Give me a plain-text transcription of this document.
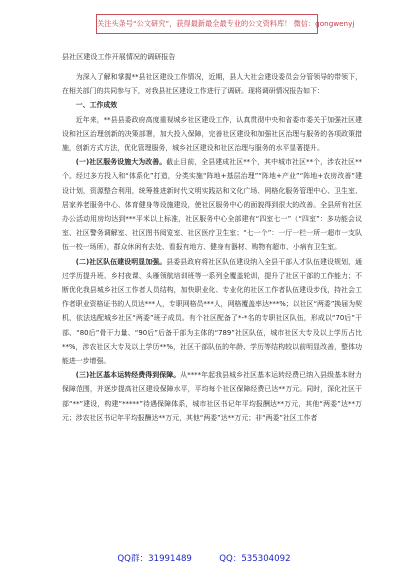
关注头条号“公文研究”，获得最新最全最专业的公文资料库！ 微信：gongwenyj

县社区建设工作开展情况的调研报告

为深入了解和掌握**县社区建设工作情况，近期，县人大社会建设委员会分管领导的带领下，在相关部门的共同参与下，对我县社区建设工作进行了调研。现将调研情况报告如下：

一、工作成效

近年来，**县县委政府高度重视城乡社区建设工作，认真贯彻中央和省委市委关于加强社区建设和社区治理创新的决策部署，加大投入保障，完善社区建设和加强社区治理与服务的各项政策措施，创新方式方法，优化管理服务，城乡社区建设和社区治理与服务的水平显著提升。

(一)社区服务设施大为改善。截止目前，全县建成社区**个，其中城市社区**个，涉农社区**个。经过多方投入和“体系化”打造，分类实施“阵地+基层治理”“阵地+产业”“阵地+农房改善”建设计划，资源整合利用，统筹推进新时代文明实践站和文化广场、网格化服务管理中心、卫生室、居家养老服务中心、体育健身等设施建设，使社区服务中心的面貌得到很大的改善。全县所有社区办公活动用房均达到***平米以上标准，社区服务中心全部建有“四室七一”（“四室”：多功能会议室、社区警务调解室、社区图书阅览室、社区医疗卫生室；“七一个”：一厅一栏一所一超市一支队伍一校一场所），群众休闲有去处、看报有地方、健身有器材、购物有超市、小病有卫生室。

(二)社区队伍建设明显加强。县委县政府将社区队伍建设纳入全县干部人才队伍建设规划，通过学历提升班、乡村夜课、头雁领航培训班等一系列全覆盖轮训，提升了社区干部的工作能力；不断优化我县城乡社区工作者人员结构，加快职业化、专业化的社区工作者队伍建设步伐，持社会工作者职业资格证书的人员达***人，专职网格员***人，网格覆盖率达***%；以社区“两委”换届为契机，依法选配城乡社区“两委”班子成员。有个社区配备了*-*名的专职社区队伍，形成以“70后”干部、“80后”骨干力量、“90后”后备干部为主体的“789”社区队伍，城市社区大专及以上学历占比**%，涉农社区大专及以上学历**%，社区干部队伍的年龄、学历等结构较以前明显改善，整体功能进一步增强。

(三)社区基本运转经费得到保障。从****年起我县城乡社区基本运转经费已纳入县级基本财力保障范围，并逐步提高社区建设保障水平，平均每个社区保障经费已达**万元。同时，深化社区干部“**”建设，构建“*****”待遇保障体系，城市社区书记年平均报酬达**万元，其他“两委”达**万元；涉农社区书记年平均报酬达**万元，其他“两委”达**万元；非“两委”社区工作者

QQ群：31991489	QQ：535304092
